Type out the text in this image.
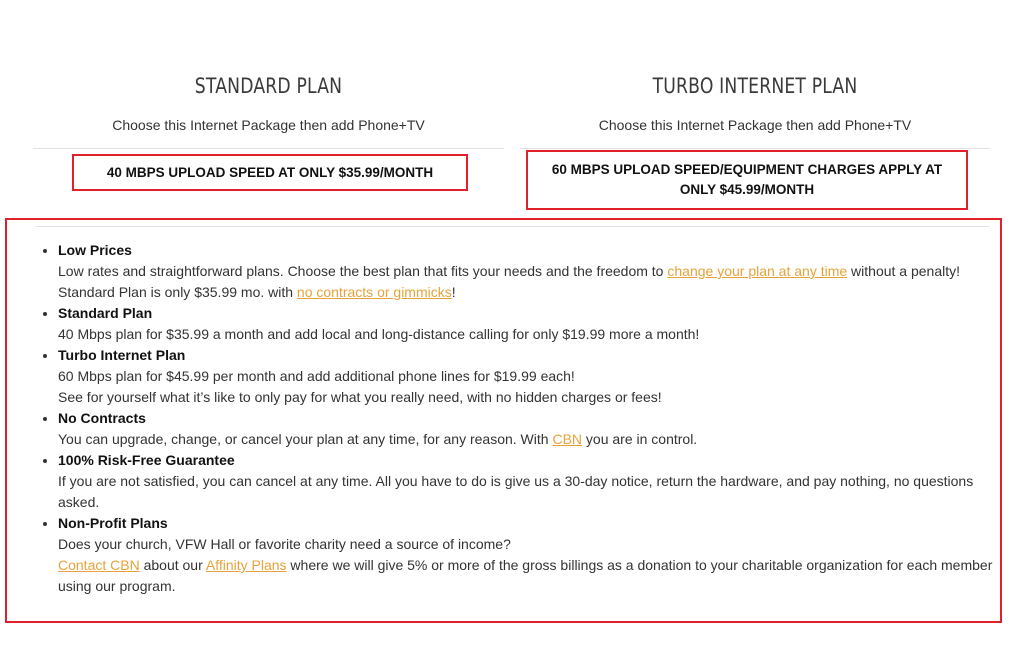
STANDARD PLAN
Choose this Internet Package then add Phone+TV
TURBO INTERNET PLAN
Choose this Internet Package then add Phone+TV
40 MBPS UPLOAD SPEED AT ONLY $35.99/MONTH	60 MBPS UPLOAD SPEED/EQUIPMENT CHARGES APPLY AT ONLY $45.99/MONTH
• Low Prices
Low rates and straightforward plans. Choose the best plan that fits your needs and the freedom to change your plan at any time without a penalty!
Standard Plan is only $35.99 mo. with no contracts or gimmicks!
• Standard Plan
40 Mbps plan for $35.99 a month and add local and long-distance calling for only $19.99 more a month!
• Turbo Internet Plan
60 Mbps plan for $45.99 per month and add additional phone lines for $19.99 each!
See for yourself what it’s like to only pay for what you really need, with no hidden charges or fees!
• No Contracts
You can upgrade, change, or cancel your plan at any time, for any reason. With CBN you are in control.
• 100% Risk-Free Guarantee
If you are not satisfied, you can cancel at any time. All you have to do is give us a 30-day notice, return the hardware, and pay nothing, no questions asked.
• Non-Profit Plans
Does your church, VFW Hall or favorite charity need a source of income?
Contact CBN about our Affinity Plans where we will give 5% or more of the gross billings as a donation to your charitable organization for each member using our program.
